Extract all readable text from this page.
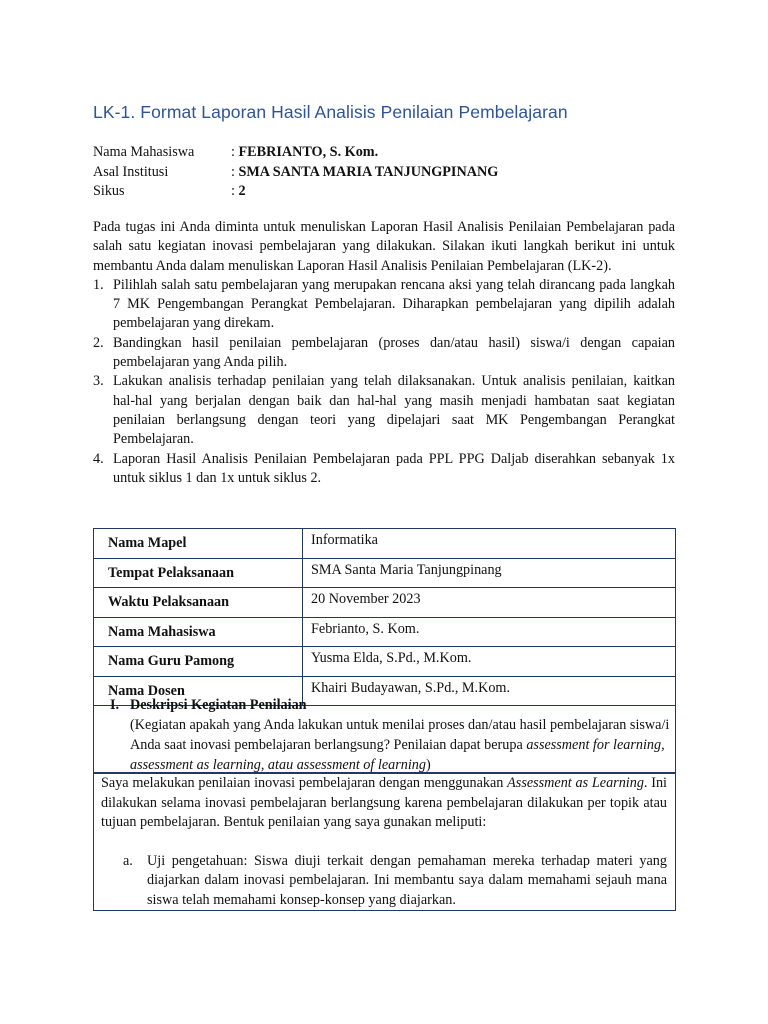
LK-1. Format Laporan Hasil Analisis Penilaian Pembelajaran
Nama Mahasiswa	: FEBRIANTO, S. Kom.
Asal Institusi	: SMA SANTA MARIA TANJUNGPINANG
Sikus	: 2

Pada tugas ini Anda diminta untuk menuliskan Laporan Hasil Analisis Penilaian Pembelajaran pada salah satu kegiatan inovasi pembelajaran yang dilakukan. Silakan ikuti langkah berikut ini untuk membantu Anda dalam menuliskan Laporan Hasil Analisis Penilaian Pembelajaran (LK-2).

1. Pilihlah salah satu pembelajaran yang merupakan rencana aksi yang telah dirancang pada langkah 7 MK Pengembangan Perangkat Pembelajaran. Diharapkan pembelajaran yang dipilih adalah pembelajaran yang direkam.
2. Bandingkan hasil penilaian pembelajaran (proses dan/atau hasil) siswa/i dengan capaian pembelajaran yang Anda pilih.
3. Lakukan analisis terhadap penilaian yang telah dilaksanakan. Untuk analisis penilaian, kaitkan hal-hal yang berjalan dengan baik dan hal-hal yang masih menjadi hambatan saat kegiatan penilaian berlangsung dengan teori yang dipelajari saat MK Pengembangan Perangkat Pembelajaran.
4. Laporan Hasil Analisis Penilaian Pembelajaran pada PPL PPG Daljab diserahkan sebanyak 1x untuk siklus 1 dan 1x untuk siklus 2.
Nama Mapel	Informatika
Tempat Pelaksanaan	SMA Santa Maria Tanjungpinang
Waktu Pelaksanaan	20 November 2023
Nama Mahasiswa	Febrianto, S. Kom.
Nama Guru Pamong	Yusma Elda, S.Pd., M.Kom.
Nama Dosen	Khairi Budayawan, S.Pd., M.Kom.
I. Deskripsi Kegiatan Penilaian
(Kegiatan apakah yang Anda lakukan untuk menilai proses dan/atau hasil pembelajaran siswa/i Anda saat inovasi pembelajaran berlangsung? Penilaian dapat berupa assessment for learning, assessment as learning, atau assessment of learning)

Saya melakukan penilaian inovasi pembelajaran dengan menggunakan Assessment as Learning. Ini dilakukan selama inovasi pembelajaran berlangsung karena pembelajaran dilakukan per topik atau tujuan pembelajaran. Bentuk penilaian yang saya gunakan meliputi:

a. Uji pengetahuan: Siswa diuji terkait dengan pemahaman mereka terhadap materi yang diajarkan dalam inovasi pembelajaran. Ini membantu saya dalam memahami sejauh mana siswa telah memahami konsep-konsep yang diajarkan.
